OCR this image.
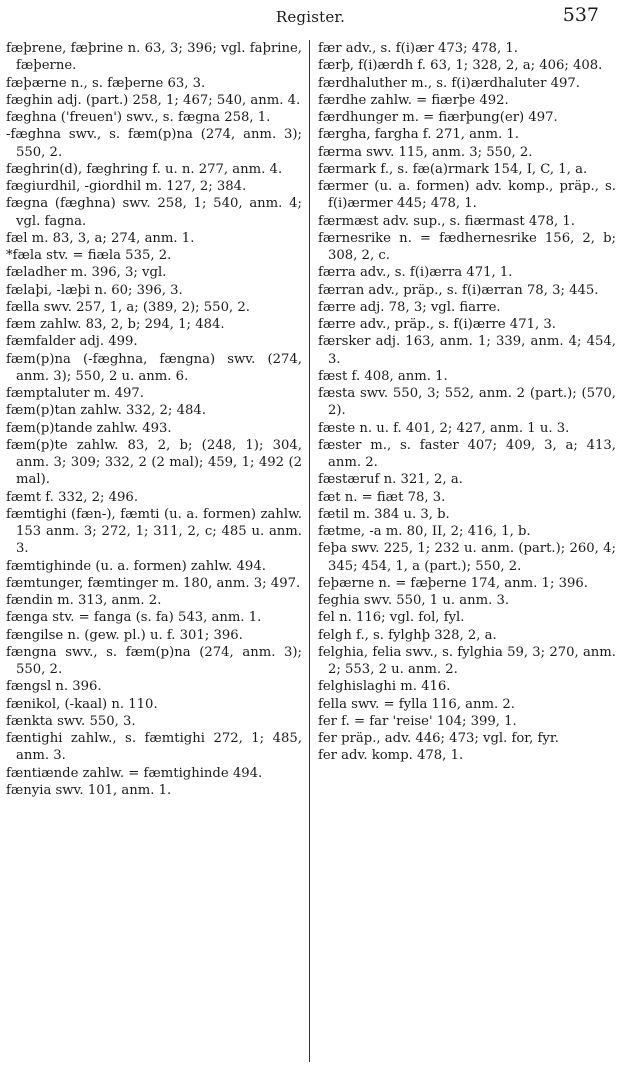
Register.	537

fæþrene, fæþrine n. 63, 3; 396; vgl. faþrine, fæþerne.

fæþærne n., s. fæþerne 63, 3.

fæghin adj. (part.) 258, 1; 467; 540, anm. 4.

fæghna ('freuen') swv., s. fægna 258, 1.

-fæghna swv., s. fæm(p)na (274, anm. 3); 550, 2.

fæghrin(d), fæghring f. u. n. 277, anm. 4.

fægiurdhil, -giordhil m. 127, 2; 384.

fægna (fæghna) swv. 258, 1; 540, anm. 4; vgl. fagna.

fæl m. 83, 3, a; 274, anm. 1.

*fæla stv. = fiæla 535, 2.

fæladher m. 396, 3; vgl.

fælaþi, -læþi n. 60; 396, 3.

fælla swv. 257, 1, a; (389, 2); 550, 2.

fæm zahlw. 83, 2, b; 294, 1; 484.

fæmfalder adj. 499.

fæm(p)na (-fæghna, fængna) swv. (274, anm. 3); 550, 2 u. anm. 6.

fæmptaluter m. 497.

fæm(p)tan zahlw. 332, 2; 484.

fæm(p)tande zahlw. 493.

fæm(p)te zahlw. 83, 2, b; (248, 1); 304, anm. 3; 309; 332, 2 (2 mal); 459, 1; 492 (2 mal).

fæmt f. 332, 2; 496.

fæmtighi (fæn-), fæmti (u. a. formen) zahlw. 153 anm. 3; 272, 1; 311, 2, c; 485 u. anm. 3.

fæmtighinde (u. a. formen) zahlw. 494.

fæmtunger, fæmtinger m. 180, anm. 3; 497.

fændin m. 313, anm. 2.

fænga stv. = fanga (s. fa) 543, anm. 1.

fængilse n. (gew. pl.) u. f. 301; 396.

fængna swv., s. fæm(p)na (274, anm. 3); 550, 2.

fængsl n. 396.

fænikol, (-kaal) n. 110.

fænkta swv. 550, 3.

fæntighi zahlw., s. fæmtighi 272, 1; 485, anm. 3.

fæntiænde zahlw. = fæmtighinde 494.

fænyia swv. 101, anm. 1.

fær adv., s. f(i)ær 473; 478, 1.

færþ, f(i)ærdh f. 63, 1; 328, 2, a; 406; 408.

færdhaluther m., s. f(i)ærdhaluter 497.

færdhe zahlw. = fiærþe 492.

færdhunger m. = fiærþung(er) 497.

færgha, fargha f. 271, anm. 1.

færma swv. 115, anm. 3; 550, 2.

færmark f., s. fæ(a)rmark 154, I, C, 1, a.

færmer (u. a. formen) adv. komp., präp., s. f(i)ærmer 445; 478, 1.

færmæst adv. sup., s. fiærmast 478, 1.

færnesrike n. = fædhernesrike 156, 2, b; 308, 2, c.

færra adv., s. f(i)ærra 471, 1.

færran adv., präp., s. f(i)ærran 78, 3; 445.

færre adj. 78, 3; vgl. fiarre.

færre adv., präp., s. f(i)ærre 471, 3.

færsker adj. 163, anm. 1; 339, anm. 4; 454, 3.

fæst f. 408, anm. 1.

fæsta swv. 550, 3; 552, anm. 2 (part.); (570, 2).

fæste n. u. f. 401, 2; 427, anm. 1 u. 3.

fæster m., s. faster 407; 409, 3, a; 413, anm. 2.

fæstæruf n. 321, 2, a.

fæt n. = fiæt 78, 3.

fætil m. 384 u. 3, b.

fætme, -a m. 80, II, 2; 416, 1, b.

feþa swv. 225, 1; 232 u. anm. (part.); 260, 4; 345; 454, 1, a (part.); 550, 2.

feþærne n. = fæþerne 174, anm. 1; 396.

feghia swv. 550, 1 u. anm. 3.

fel n. 116; vgl. fol, fyl.

felgh f., s. fylghþ 328, 2, a.

felghia, felia swv., s. fylghia 59, 3; 270, anm. 2; 553, 2 u. anm. 2.

felghislaghi m. 416.

fella swv. = fylla 116, anm. 2.

fer f. = far 'reise' 104; 399, 1.

fer präp., adv. 446; 473; vgl. for, fyr.

fer adv. komp. 478, 1.
